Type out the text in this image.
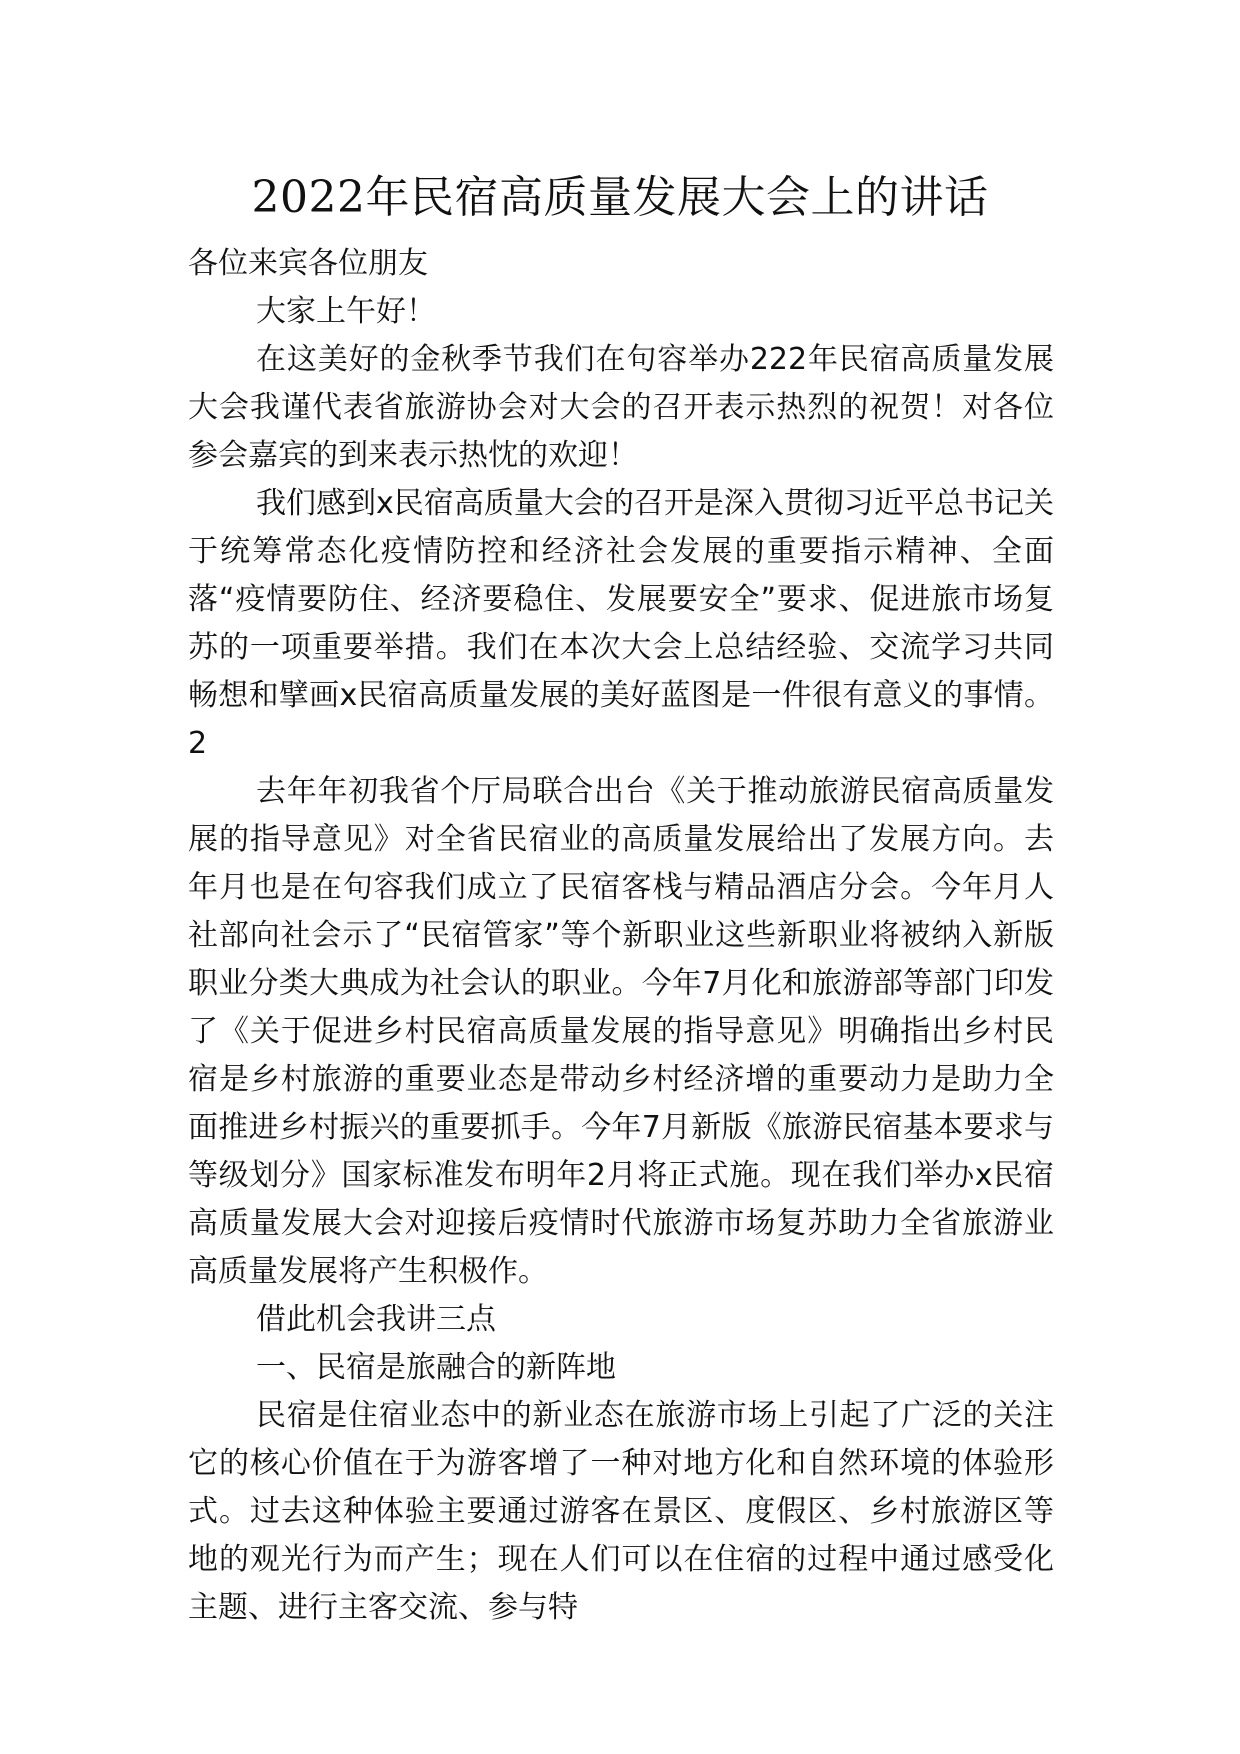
2022年民宿高质量发展大会上的讲话

各位来宾各位朋友

大家上午好！

在这美好的金秋季节我们在句容举办222年民宿高质量发展大会我谨代表省旅游协会对大会的召开表示热烈的祝贺！对各位参会嘉宾的到来表示热忱的欢迎！

我们感到x民宿高质量大会的召开是深入贯彻习近平总书记关于统筹常态化疫情防控和经济社会发展的重要指示精神、全面落“疫情要防住、经济要稳住、发展要安全”要求、促进旅市场复苏的一项重要举措。我们在本次大会上总结经验、交流学习共同畅想和擘画x民宿高质量发展的美好蓝图是一件很有意义的事情。2

去年年初我省个厅局联合出台《关于推动旅游民宿高质量发展的指导意见》对全省民宿业的高质量发展给出了发展方向。去年月也是在句容我们成立了民宿客栈与精品酒店分会。今年月人社部向社会示了“民宿管家”等个新职业这些新职业将被纳入新版职业分类大典成为社会认的职业。今年7月化和旅游部等部门印发了《关于促进乡村民宿高质量发展的指导意见》明确指出乡村民宿是乡村旅游的重要业态是带动乡村经济增的重要动力是助力全面推进乡村振兴的重要抓手。今年7月新版《旅游民宿基本要求与等级划分》国家标准发布明年2月将正式施。现在我们举办x民宿高质量发展大会对迎接后疫情时代旅游市场复苏助力全省旅游业高质量发展将产生积极作。

借此机会我讲三点

一、民宿是旅融合的新阵地

民宿是住宿业态中的新业态在旅游市场上引起了广泛的关注它的核心价值在于为游客增了一种对地方化和自然环境的体验形式。过去这种体验主要通过游客在景区、度假区、乡村旅游区等地的观光行为而产生；现在人们可以在住宿的过程中通过感受化主题、进行主客交流、参与特
